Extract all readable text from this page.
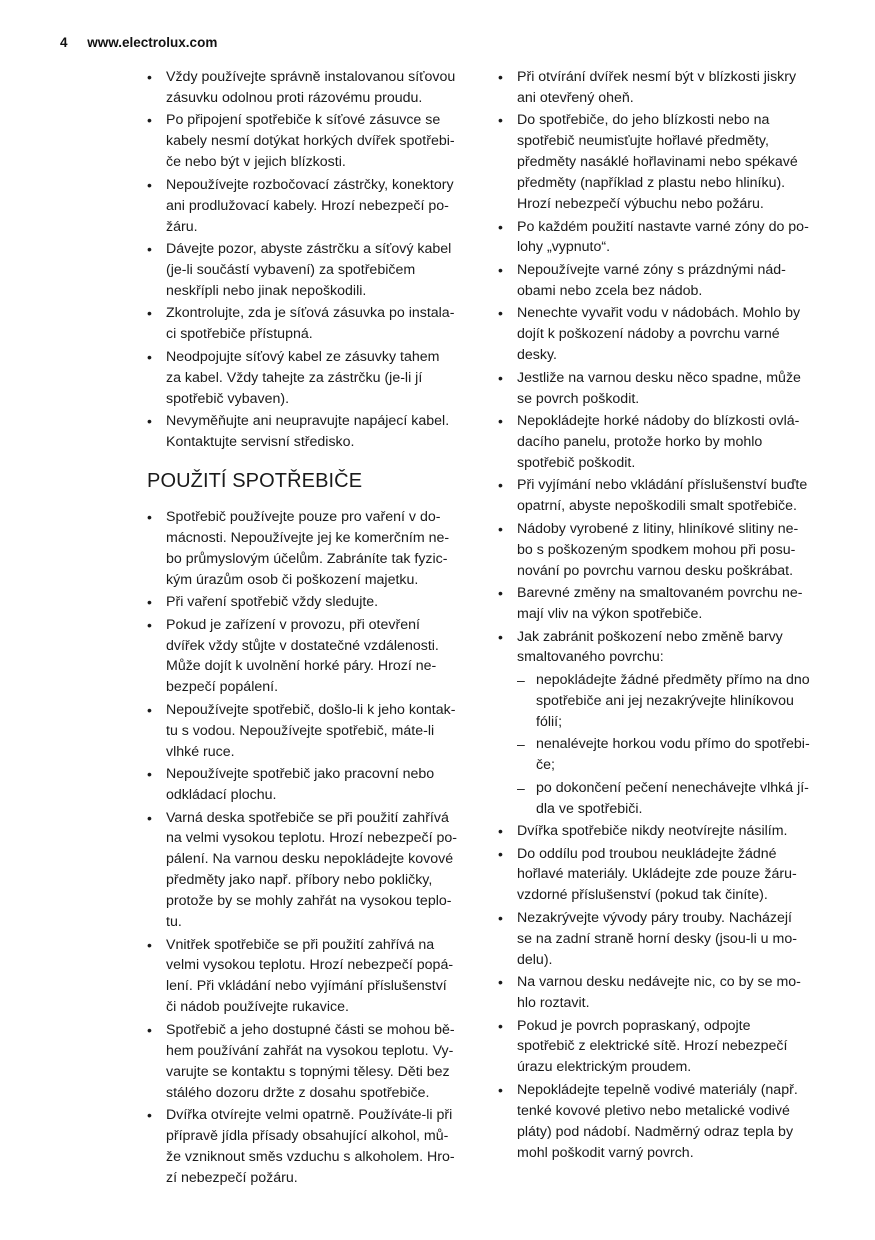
4 www.electrolux.com
• Vždy používejte správně instalovanou síťovou
zásuvku odolnou proti rázovému proudu.
• Po připojení spotřebiče k síťové zásuvce se
kabely nesmí dotýkat horkých dvířek spotřebi-
če nebo být v jejich blízkosti.
• Nepoužívejte rozbočovací zástrčky, konektory
ani prodlužovací kabely. Hrozí nebezpečí po-
žáru.
• Dávejte pozor, abyste zástrčku a síťový kabel
(je-li součástí vybavení) za spotřebičem
neskřípli nebo jinak nepoškodili.
• Zkontrolujte, zda je síťová zásuvka po instala-
ci spotřebiče přístupná.
• Neodpojujte síťový kabel ze zásuvky tahem
za kabel. Vždy tahejte za zástrčku (je-li jí
spotřebič vybaven).
• Nevyměňujte ani neupravujte napájecí kabel.
Kontaktujte servisní středisko.
POUŽITÍ SPOTŘEBIČE
• Spotřebič používejte pouze pro vaření v do-
mácnosti. Nepoužívejte jej ke komerčním ne-
bo průmyslovým účelům. Zabráníte tak fyzic-
kým úrazům osob či poškození majetku.
• Při vaření spotřebič vždy sledujte.
• Pokud je zařízení v provozu, při otevření
dvířek vždy stůjte v dostatečné vzdálenosti.
Může dojít k uvolnění horké páry. Hrozí ne-
bezpečí popálení.
• Nepoužívejte spotřebič, došlo-li k jeho kontak-
tu s vodou. Nepoužívejte spotřebič, máte-li
vlhké ruce.
• Nepoužívejte spotřebič jako pracovní nebo
odkládací plochu.
• Varná deska spotřebiče se při použití zahřívá
na velmi vysokou teplotu. Hrozí nebezpečí po-
pálení. Na varnou desku nepokládejte kovové
předměty jako např. příbory nebo pokličky,
protože by se mohly zahřát na vysokou teplo-
tu.
• Vnitřek spotřebiče se při použití zahřívá na
velmi vysokou teplotu. Hrozí nebezpečí popá-
lení. Při vkládání nebo vyjímání příslušenství
či nádob používejte rukavice.
• Spotřebič a jeho dostupné části se mohou bě-
hem používání zahřát na vysokou teplotu. Vy-
varujte se kontaktu s topnými tělesy. Děti bez
stálého dozoru držte z dosahu spotřebiče.
• Dvířka otvírejte velmi opatrně. Používáte-li při
přípravě jídla přísady obsahující alkohol, mů-
že vzniknout směs vzduchu s alkoholem. Hro-
zí nebezpečí požáru.
• Při otvírání dvířek nesmí být v blízkosti jiskry
ani otevřený oheň.
• Do spotřebiče, do jeho blízkosti nebo na
spotřebič neumisťujte hořlavé předměty,
předměty nasáklé hořlavinami nebo spékavé
předměty (například z plastu nebo hliníku).
Hrozí nebezpečí výbuchu nebo požáru.
• Po každém použití nastavte varné zóny do po-
lohy „vypnuto“.
• Nepoužívejte varné zóny s prázdnými nád-
obami nebo zcela bez nádob.
• Nenechte vyvařit vodu v nádobách. Mohlo by
dojít k poškození nádoby a povrchu varné
desky.
• Jestliže na varnou desku něco spadne, může
se povrch poškodit.
• Nepokládejte horké nádoby do blízkosti ovlá-
dacího panelu, protože horko by mohlo
spotřebič poškodit.
• Při vyjímání nebo vkládání příslušenství buďte
opatrní, abyste nepoškodili smalt spotřebiče.
• Nádoby vyrobené z litiny, hliníkové slitiny ne-
bo s poškozeným spodkem mohou při posu-
nování po povrchu varnou desku poškrábat.
• Barevné změny na smaltovaném povrchu ne-
mají vliv na výkon spotřebiče.
• Jak zabránit poškození nebo změně barvy
smaltovaného povrchu:
– nepokládejte žádné předměty přímo na dno
spotřebiče ani jej nezakrývejte hliníkovou
fólií;
– nenalévejte horkou vodu přímo do spotřebi-
če;
– po dokončení pečení nenechávejte vlhká jí-
dla ve spotřebiči.
• Dvířka spotřebiče nikdy neotvírejte násilím.
• Do oddílu pod troubou neukládejte žádné
hořlavé materiály. Ukládejte zde pouze žáru-
vzdorné příslušenství (pokud tak činíte).
• Nezakrývejte vývody páry trouby. Nacházejí
se na zadní straně horní desky (jsou-li u mo-
delu).
• Na varnou desku nedávejte nic, co by se mo-
hlo roztavit.
• Pokud je povrch popraskaný, odpojte
spotřebič z elektrické sítě. Hrozí nebezpečí
úrazu elektrickým proudem.
• Nepokládejte tepelně vodivé materiály (např.
tenké kovové pletivo nebo metalické vodivé
pláty) pod nádobí. Nadměrný odraz tepla by
mohl poškodit varný povrch.
